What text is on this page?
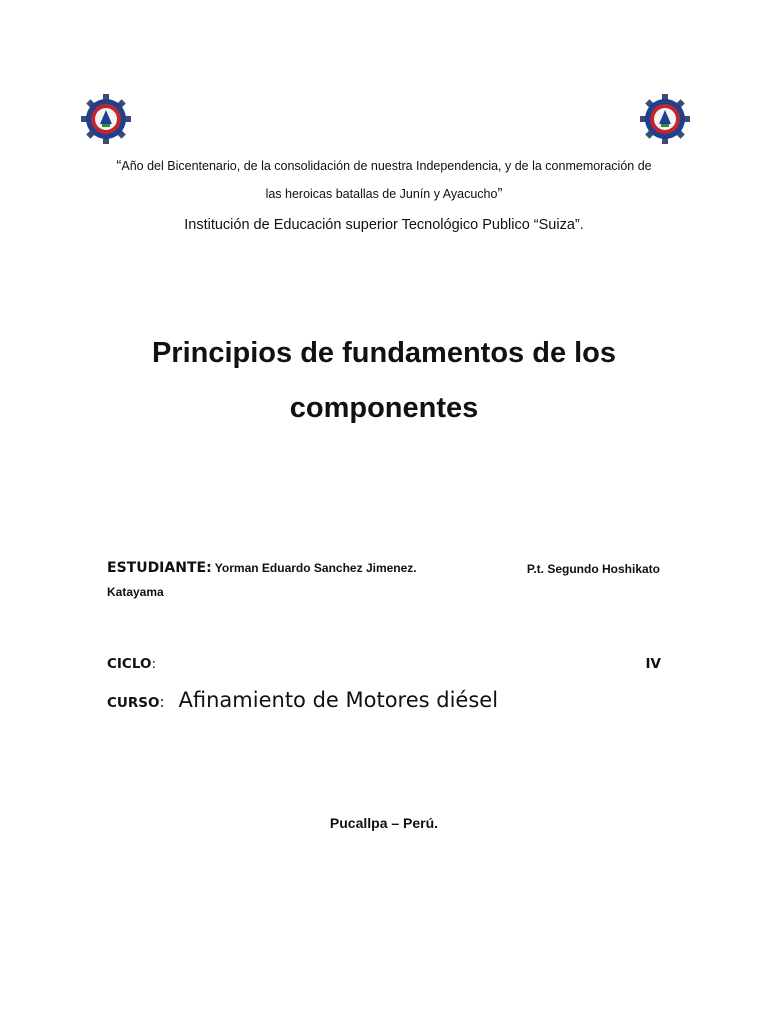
“Año del Bicentenario, de la consolidación de nuestra Independencia, y de la conmemoración de
las heroicas batallas de Junín y Ayacucho”
Institución de Educación superior Tecnológico Publico “Suiza”.
Principios de fundamentos de los
componentes
ESTUDIANTE: Yorman Eduardo Sanchez Jimenez.	P.t. Segundo Hoshikato
Katayama
CICLO:	IV
CURSO: Afinamiento de Motores diésel
Pucallpa – Perú.
